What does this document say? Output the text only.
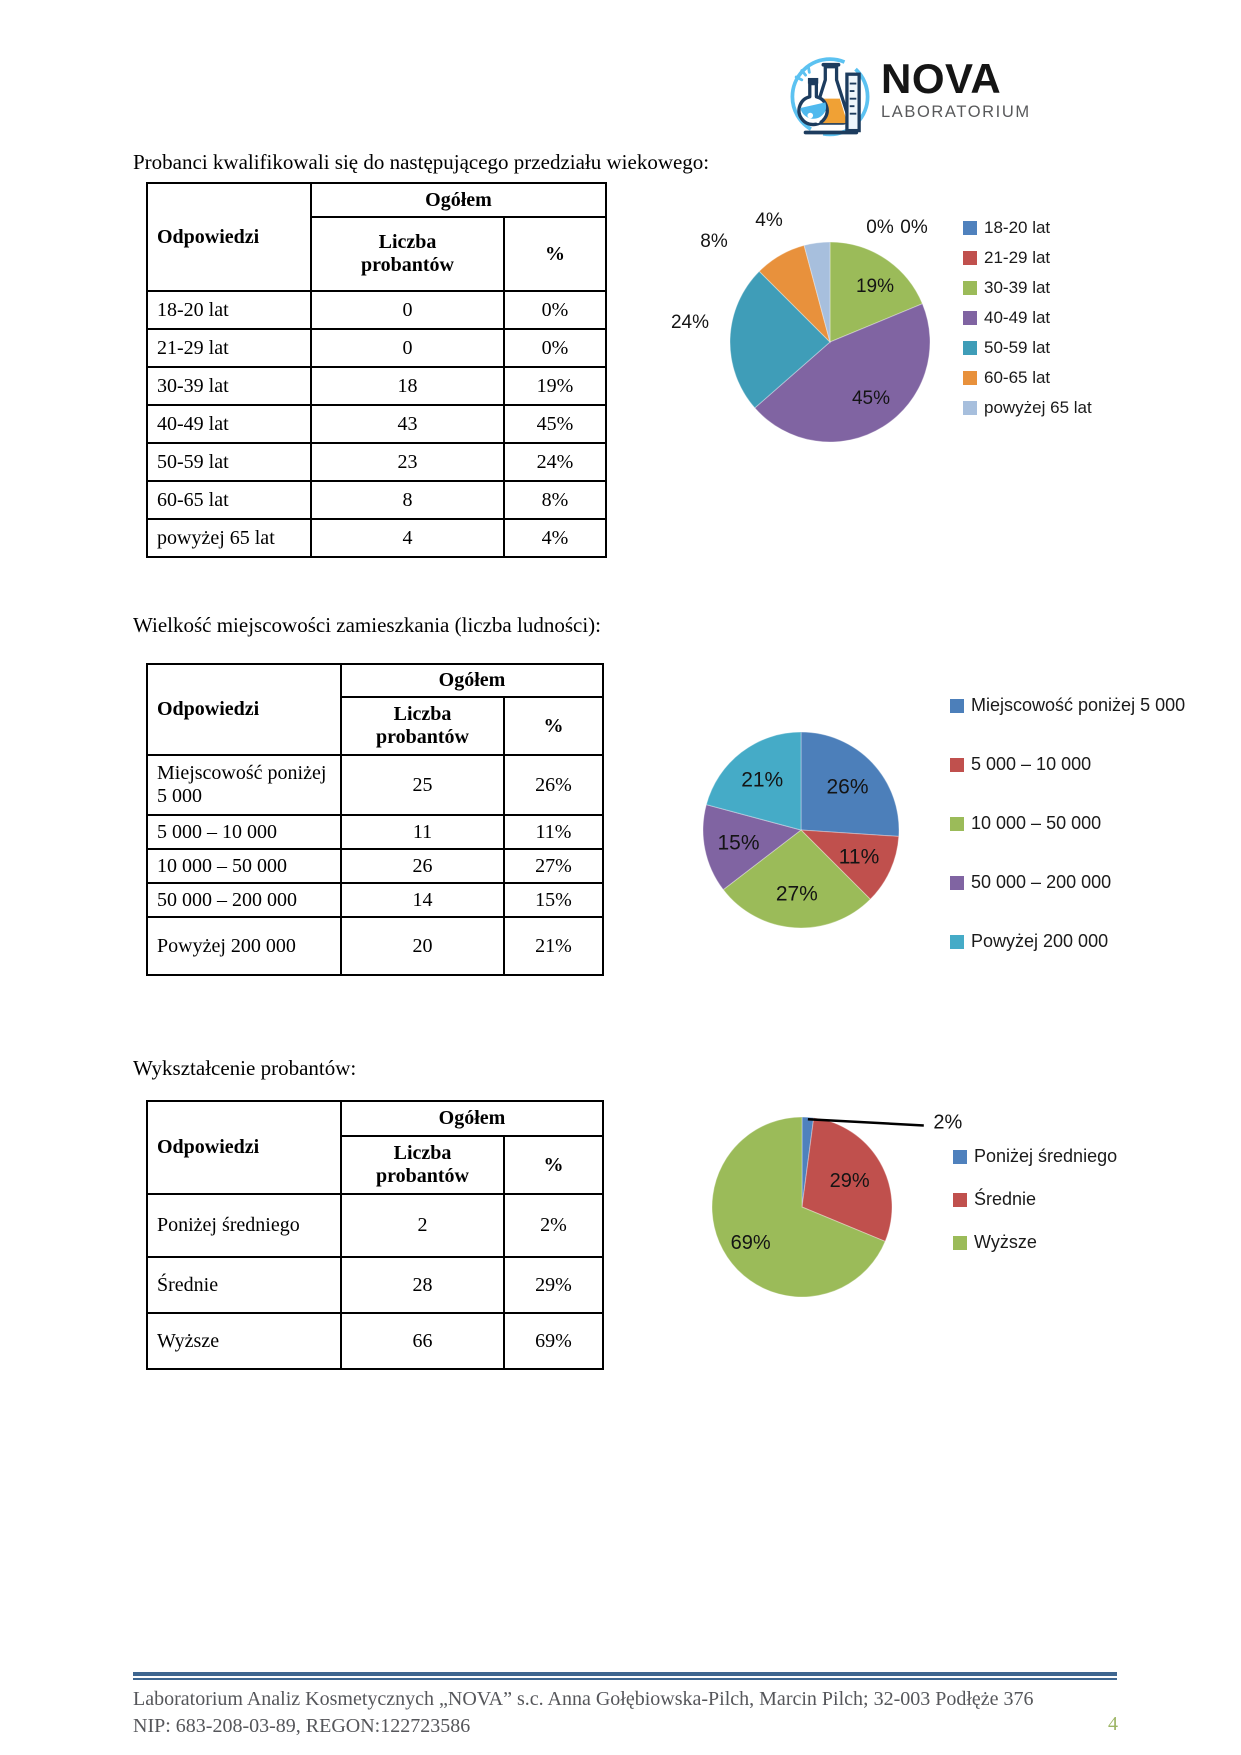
NOVA
LABORATORIUM
Probanci kwalifikowali się do następującego przedziału wiekowego:
Odpowiedzi	Ogółem	
	Liczba probantów	%
18-20 lat	0	0%
21-29 lat	0	0%
30-39 lat	18	19%
40-49 lat	43	45%
50-59 lat	23	24%
60-65 lat	8	8%
powyżej 65 lat	4	4%
0% 0%
19%
45%
24%
8%
4%	18-20 lat
21-29 lat
30-39 lat
40-49 lat
50-59 lat
60-65 lat
powyżej 65 lat
Wielkość miejscowości zamieszkania (liczba ludności):
Odpowiedzi	Ogółem	
	Liczba probantów	%
Miejscowość poniżej 5 000	25	26%
5 000 – 10 000	11	11%
10 000 – 50 000	26	27%
50 000 – 200 000	14	15%
Powyżej 200 000	20	21%
26%
11%
27%
15%
21%
Miejscowość poniżej 5 000
5 000 – 10 000
10 000 – 50 000
50 000 – 200 000
Powyżej 200 000
Wykształcenie probantów:
Odpowiedzi	Ogółem	
	Liczba probantów	%
Poniżej średniego	2	2%
Średnie	28	29%
Wyższe	66	69%
2%
29%
69%
Poniżej średniego
Średnie
Wyższe
Laboratorium Analiz Kosmetycznych „NOVA” s.c. Anna Gołębiowska-Pilch, Marcin Pilch; 32-003 Podłęże 376
NIP: 683-208-03-89, REGON:122723586	4
